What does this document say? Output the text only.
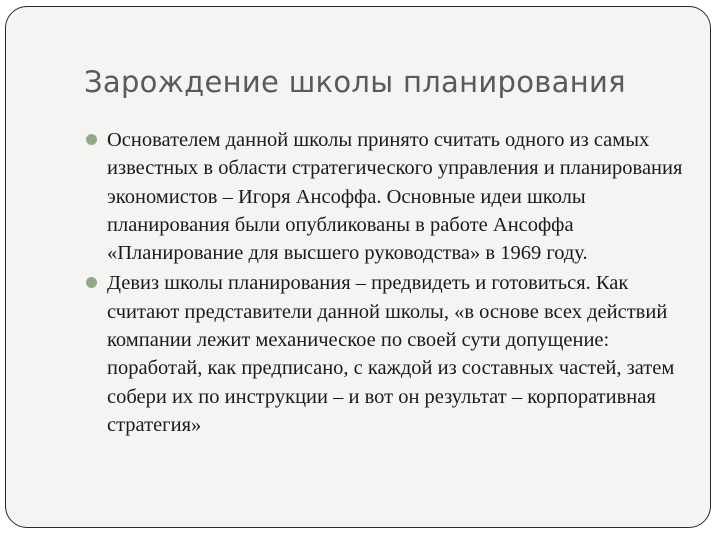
Зарождение школы планирования
Основателем данной школы принято считать одного из самых известных в области стратегического управления и планирования экономистов – Игоря Ансоффа. Основные идеи школы планирования были опубликованы в работе Ансоффа «Планирование для высшего руководства» в 1969 году.
Девиз школы планирования – предвидеть и готовиться. Как считают представители данной школы, «в основе всех действий компании лежит механическое по своей сути допущение: поработай, как предписано, с каждой из составных частей, затем собери их по инструкции – и вот он результат – корпоративная стратегия»
